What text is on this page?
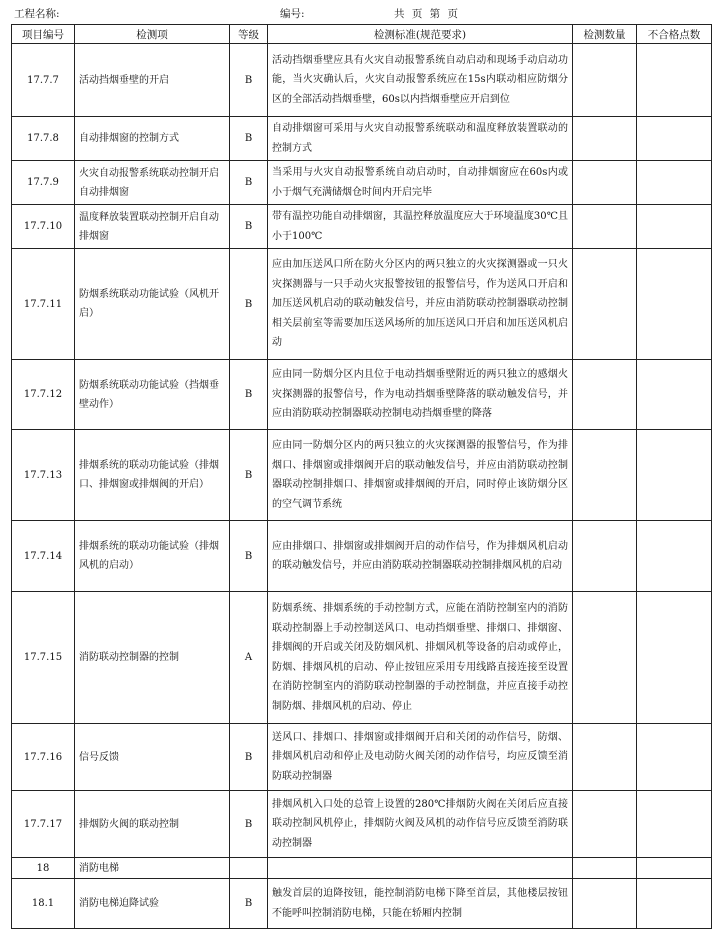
工程名称:	编号:	共 页 第 页
项目编号	检测项	等级	检测标准(规范要求)	检测数量	不合格点数
17.7.7	活动挡烟垂壁的开启	B	活动挡烟垂壁应具有火灾自动报警系统自动启动和现场手动启动功能，当火灾确认后，火灾自动报警系统应在15s内联动相应防烟分区的全部活动挡烟垂壁，60s以内挡烟垂壁应开启到位		
17.7.8	自动排烟窗的控制方式	B	自动排烟窗可采用与火灾自动报警系统联动和温度释放装置联动的控制方式		
17.7.9	火灾自动报警系统联动控制开启自动排烟窗	B	当采用与火灾自动报警系统自动启动时，自动排烟窗应在60s内或小于烟气充满储烟仓时间内开启完毕		
17.7.10	温度释放装置联动控制开启自动排烟窗	B	带有温控功能自动排烟窗，其温控释放温度应大于环境温度30℃且小于100℃		
17.7.11	防烟系统联动功能试验（风机开启）	B	应由加压送风口所在防火分区内的两只独立的火灾探测器或一只火灾探测器与一只手动火灾报警按钮的报警信号，作为送风口开启和加压送风机启动的联动触发信号，并应由消防联动控制器联动控制相关层前室等需要加压送风场所的加压送风口开启和加压送风机启动		
17.7.12	防烟系统联动功能试验（挡烟垂壁动作）	B	应由同一防烟分区内且位于电动挡烟垂壁附近的两只独立的感烟火灾探测器的报警信号，作为电动挡烟垂壁降落的联动触发信号，并应由消防联动控制器联动控制电动挡烟垂壁的降落		
17.7.13	排烟系统的联动功能试验（排烟口、排烟窗或排烟阀的开启）	B	应由同一防烟分区内的两只独立的火灾探测器的报警信号，作为排烟口、排烟窗或排烟阀开启的联动触发信号，并应由消防联动控制器联动控制排烟口、排烟窗或排烟阀的开启，同时停止该防烟分区的空气调节系统		
17.7.14	排烟系统的联动功能试验（排烟风机的启动）	B	应由排烟口、排烟窗或排烟阀开启的动作信号，作为排烟风机启动的联动触发信号，并应由消防联动控制器联动控制排烟风机的启动		
17.7.15	消防联动控制器的控制	A	防烟系统、排烟系统的手动控制方式，应能在消防控制室内的消防联动控制器上手动控制送风口、电动挡烟垂壁、排烟口、排烟窗、排烟阀的开启或关闭及防烟风机、排烟风机等设备的启动或停止，防烟、排烟风机的启动、停止按钮应采用专用线路直接连接至设置在消防控制室内的消防联动控制器的手动控制盘，并应直接手动控制防烟、排烟风机的启动、停止		
17.7.16	信号反馈	B	送风口、排烟口、排烟窗或排烟阀开启和关闭的动作信号，防烟、排烟风机启动和停止及电动防火阀关闭的动作信号，均应反馈至消防联动控制器		
17.7.17	排烟防火阀的联动控制	B	排烟风机入口处的总管上设置的280℃排烟防火阀在关闭后应直接联动控制风机停止，排烟防火阀及风机的动作信号应反馈至消防联动控制器		
18	消防电梯				
18.1	消防电梯迫降试验	B	触发首层的迫降按钮，能控制消防电梯下降至首层，其他楼层按钮不能呼叫控制消防电梯，只能在轿厢内控制		
